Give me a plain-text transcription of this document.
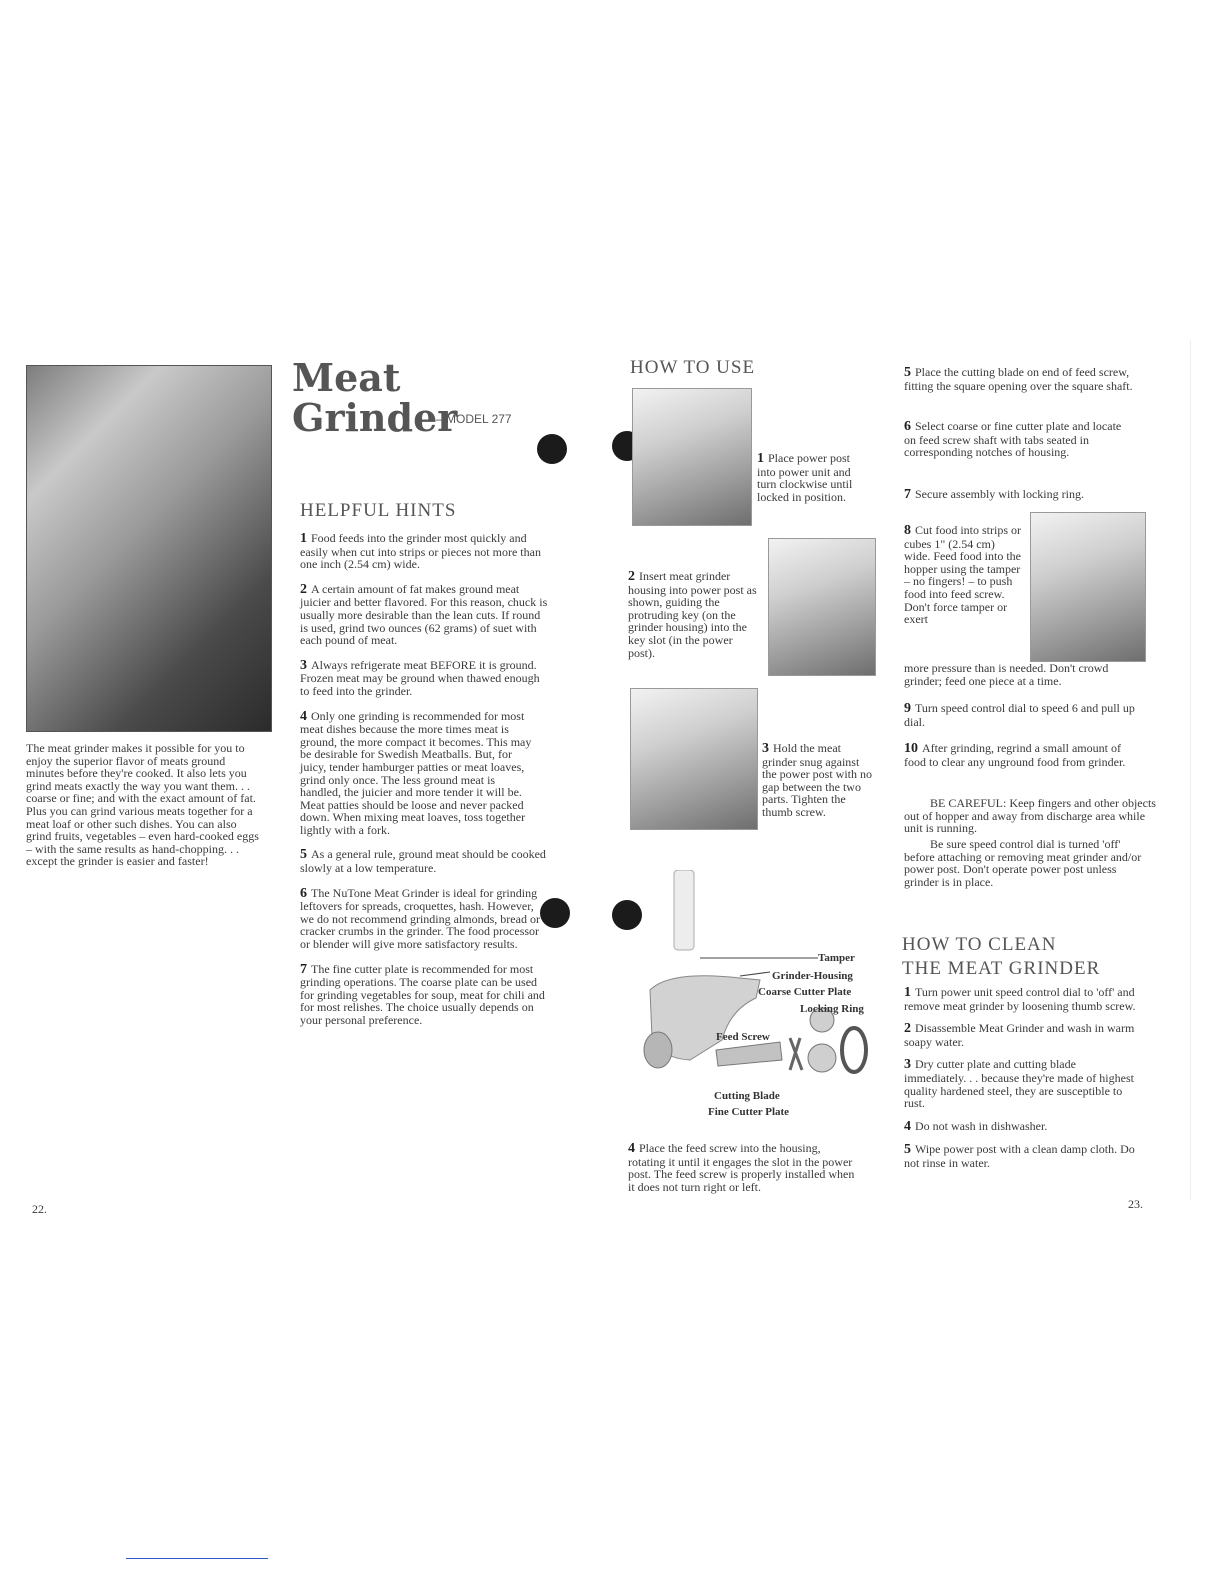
The meat grinder makes it possible for you to enjoy the superior flavor of meats ground minutes before they're cooked. It also lets you grind meats exactly the way you want them. . . coarse or fine; and with the exact amount of fat. Plus you can grind various meats together for a meat loaf or other such dishes. You can also grind fruits, vegetables – even hard-cooked eggs – with the same results as hand-chopping. . . except the grinder is easier and faster!

22.
Meat
Grinder
– MODEL 277
HELPFUL HINTS

1 Food feeds into the grinder most quickly and easily when cut into strips or pieces not more than one inch (2.54 cm) wide.

2 A certain amount of fat makes ground meat juicier and better flavored. For this reason, chuck is usually more desirable than the lean cuts. If round is used, grind two ounces (62 grams) of suet with each pound of meat.

3 Always refrigerate meat BEFORE it is ground. Frozen meat may be ground when thawed enough to feed into the grinder.

4 Only one grinding is recommended for most meat dishes because the more times meat is ground, the more compact it becomes. This may be desirable for Swedish Meatballs. But, for juicy, tender hamburger patties or meat loaves, grind only once. The less ground meat is handled, the juicier and more tender it will be. Meat patties should be loose and never packed down. When mixing meat loaves, toss together lightly with a fork.

5 As a general rule, ground meat should be cooked slowly at a low temperature.

6 The NuTone Meat Grinder is ideal for grinding leftovers for spreads, croquettes, hash. However, we do not recommend grinding almonds, bread or cracker crumbs in the grinder. The food processor or blender will give more satisfactory results.

7 The fine cutter plate is recommended for most grinding operations. The coarse plate can be used for grinding vegetables for soup, meat for chili and for most relishes. The choice usually depends on your personal preference.

HOW TO USE

1 Place power post into power unit and turn clockwise until locked in position.

2 Insert meat grinder housing into power post as shown, guiding the protruding key (on the grinder housing) into the key slot (in the power post).

3 Hold the meat grinder snug against the power post with no gap between the two parts. Tighten the thumb screw.

Tamper
Grinder-Housing
Coarse Cutter Plate
Locking Ring
Feed Screw
Cutting Blade
Fine Cutter Plate

4 Place the feed screw into the housing, rotating it until it engages the slot in the power post. The feed screw is properly installed when it does not turn right or left.

5 Place the cutting blade on end of feed screw, fitting the square opening over the square shaft.

6 Select coarse or fine cutter plate and locate on feed screw shaft with tabs seated in corresponding notches of housing.

7 Secure assembly with locking ring.

8 Cut food into strips or cubes 1" (2.54 cm) wide. Feed food into the hopper using the tamper – no fingers! – to push food into feed screw. Don't force tamper or exert

more pressure than is needed. Don't crowd grinder; feed one piece at a time.

9 Turn speed control dial to speed 6 and pull up dial.

10 After grinding, regrind a small amount of food to clear any unground food from grinder.

BE CAREFUL: Keep fingers and other objects out of hopper and away from discharge area while unit is running.

Be sure speed control dial is turned 'off' before attaching or removing meat grinder and/or power post. Don't operate power post unless grinder is in place.

HOW TO CLEAN
THE MEAT GRINDER

1 Turn power unit speed control dial to 'off' and remove meat grinder by loosening thumb screw.

2 Disassemble Meat Grinder and wash in warm soapy water.

3 Dry cutter plate and cutting blade immediately. . . because they're made of highest quality hardened steel, they are susceptible to rust.

4 Do not wash in dishwasher.

5 Wipe power post with a clean damp cloth. Do not rinse in water.

23.
